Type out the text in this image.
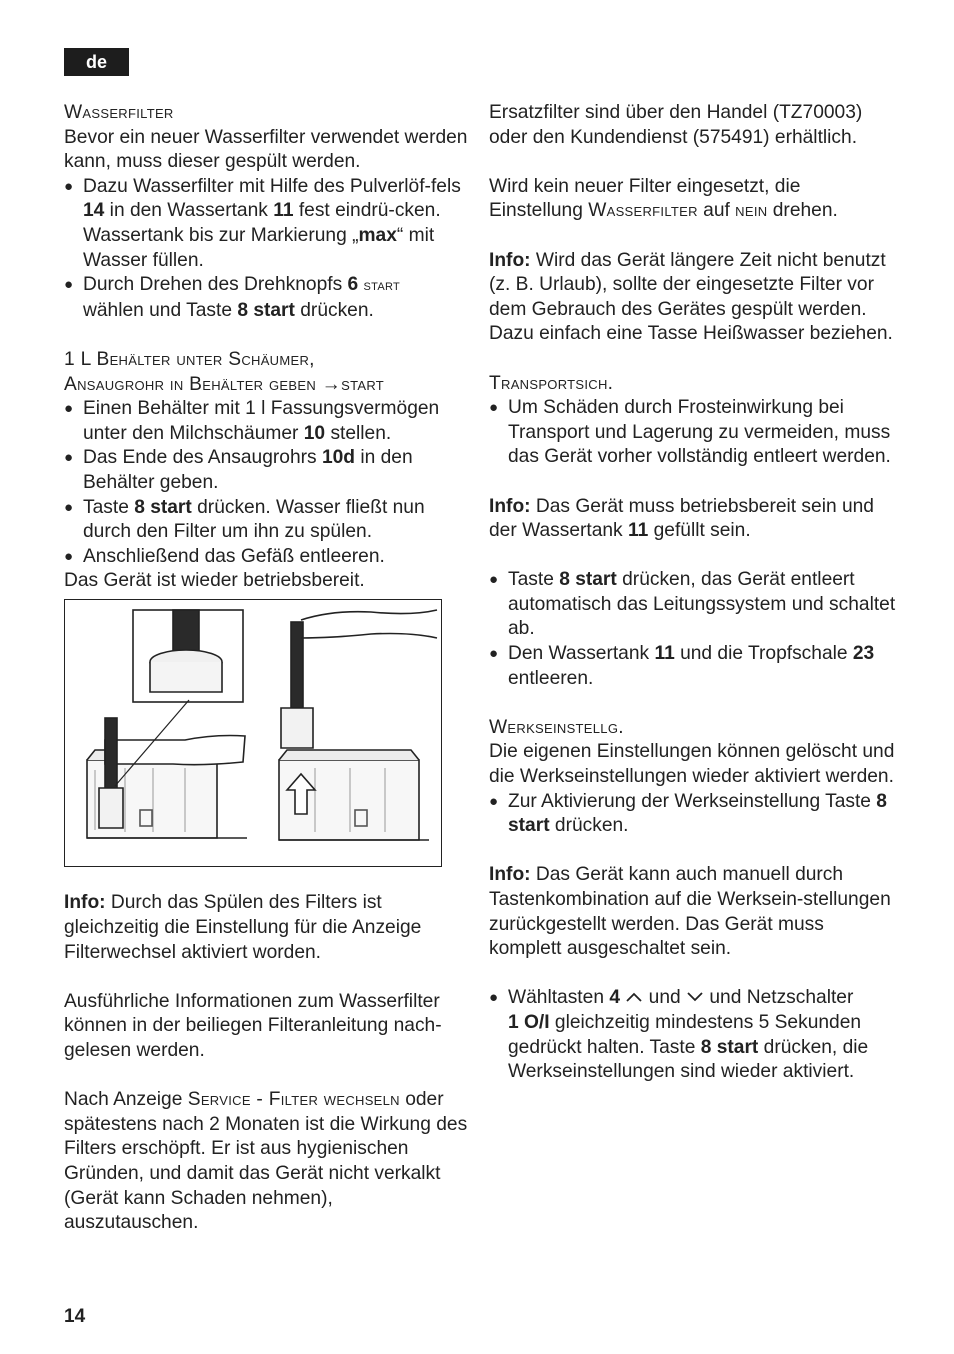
de

Wasserfilter

Bevor ein neuer Wasserfilter verwendet werden kann, muss dieser gespült werden.

● Dazu Wasserfilter mit Hilfe des Pulverlöf-fels 14 in den Wassertank 11 fest eindrü-cken. Wassertank bis zur Markierung „max“ mit Wasser füllen.
● Durch Drehen des Drehknopfs 6 start
wählen und Taste 8 start drücken.

1 L Behälter unter Schäumer,

Ansaugrohr in Behälter geben →start

● Einen Behälter mit 1 l Fassungsvermögen unter den Milchschäumer 10 stellen.
● Das Ende des Ansaugrohrs 10d in den Behälter geben.
● Taste 8 start drücken. Wasser fließt nun durch den Filter um ihn zu spülen.
● Anschließend das Gefäß entleeren.

Das Gerät ist wieder betriebsbereit.

Info: Durch das Spülen des Filters ist gleichzeitig die Einstellung für die Anzeige Filterwechsel aktiviert worden.

Ausführliche Informationen zum Wasserfilter können in der beiliegen Filteranleitung nach-gelesen werden.

Nach Anzeige Service - Filter wechseln oder spätestens nach 2 Monaten ist die Wirkung des Filters erschöpft. Er ist aus hygienischen Gründen, und damit das Gerät nicht verkalkt (Gerät kann Schaden nehmen), auszutauschen.

Ersatzfilter sind über den Handel (TZ70003) oder den Kundendienst (575491) erhältlich.

Wird kein neuer Filter eingesetzt, die Einstellung Wasserfilter auf nein drehen.

Info: Wird das Gerät längere Zeit nicht benutzt (z. B. Urlaub), sollte der eingesetzte Filter vor dem Gebrauch des Gerätes gespült werden. Dazu einfach eine Tasse Heißwasser beziehen.

Transportsich.

● Um Schäden durch Frosteinwirkung bei Transport und Lagerung zu vermeiden, muss das Gerät vorher vollständig entleert werden.

Info: Das Gerät muss betriebsbereit sein und der Wassertank 11 gefüllt sein.

● Taste 8 start drücken, das Gerät entleert automatisch das Leitungssystem und schaltet ab.
● Den Wassertank 11 und die Tropfschale 23 entleeren.

Werkseinstellg.

Die eigenen Einstellungen können gelöscht und die Werkseinstellungen wieder aktiviert werden.

● Zur Aktivierung der Werkseinstellung Taste 8 start drücken.

Info: Das Gerät kann auch manuell durch Tastenkombination auf die Werksein-stellungen zurückgestellt werden. Das Gerät muss komplett ausgeschaltet sein.

● Wähltasten 4  und  und Netzschalter
1 O/I gleichzeitig mindestens 5 Sekunden gedrückt halten. Taste 8 start drücken, die Werkseinstellungen sind wieder aktiviert.
14
